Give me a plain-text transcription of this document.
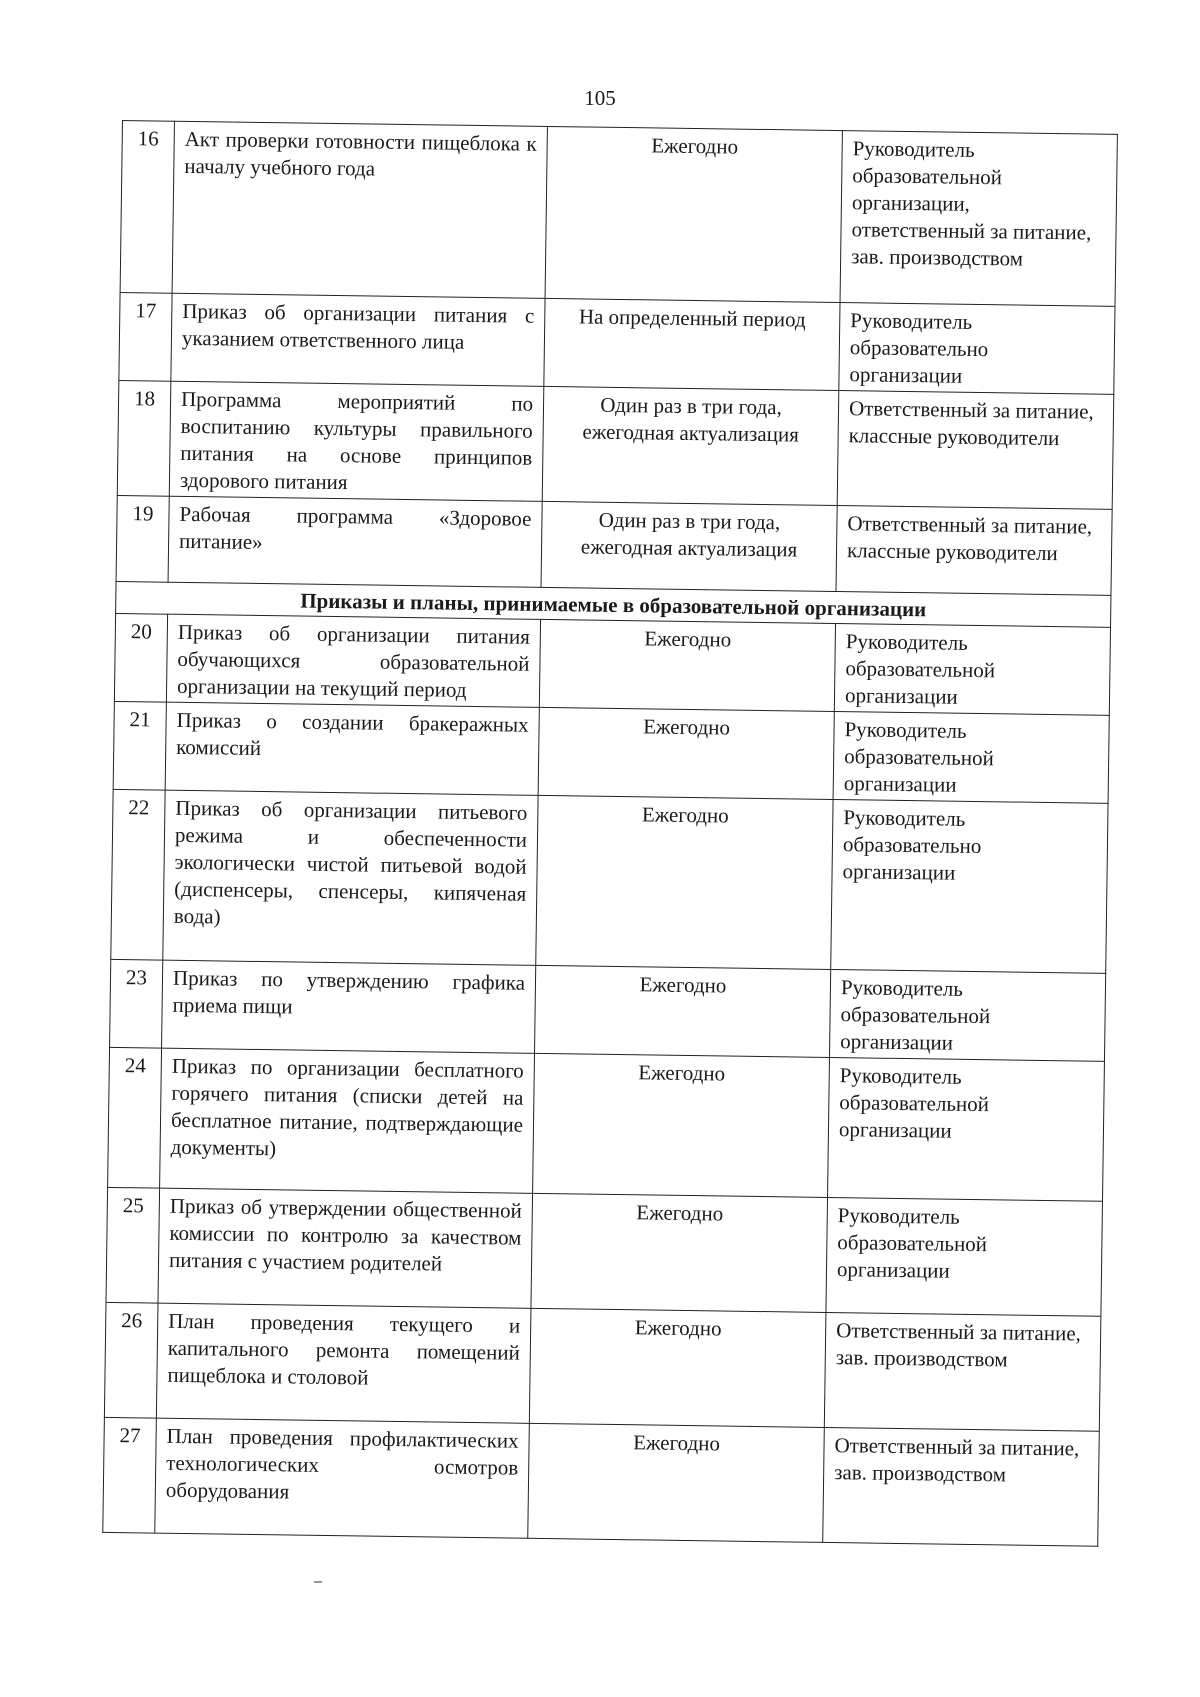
105
16	Акт проверки готовности пищеблока к началу учебного года	Ежегодно	Руководитель образовательной организации, ответственный за питание, зав. производством
17	Приказ об организации питания с указанием ответственного лица	На определенный период	Руководитель образовательно организации
18	Программа мероприятий по воспитанию культуры правильного питания на основе принципов здорового питания	Один раз в три года, ежегодная актуализация	Ответственный за питание, классные руководители
19	Рабочая программа «Здоровое питание»	Один раз в три года, ежегодная актуализация	Ответственный за питание, классные руководители
Приказы и планы, принимаемые в образовательной организации			
20	Приказ об организации питания обучающихся образовательной организации на текущий период	Ежегодно	Руководитель образовательной организации
21	Приказ о создании бракеражных комиссий	Ежегодно	Руководитель образовательной организации
22	Приказ об организации питьевого режима и обеспеченности экологически чистой питьевой водой (диспенсеры, спенсеры, кипяченая вода)	Ежегодно	Руководитель образовательно организации
23	Приказ по утверждению графика приема пищи	Ежегодно	Руководитель образовательной организации
24	Приказ по организации бесплатного горячего питания (списки детей на бесплатное питание, подтверждающие документы)	Ежегодно	Руководитель образовательной организации
25	Приказ об утверждении общественной комиссии по контролю за качеством питания с участием родителей	Ежегодно	Руководитель образовательной организации
26	План проведения текущего и капитального ремонта помещений пищеблока и столовой	Ежегодно	Ответственный за питание, зав. производством
27	План проведения профилактических технологических осмотров оборудования	Ежегодно	Ответственный за питание, зав. производством
